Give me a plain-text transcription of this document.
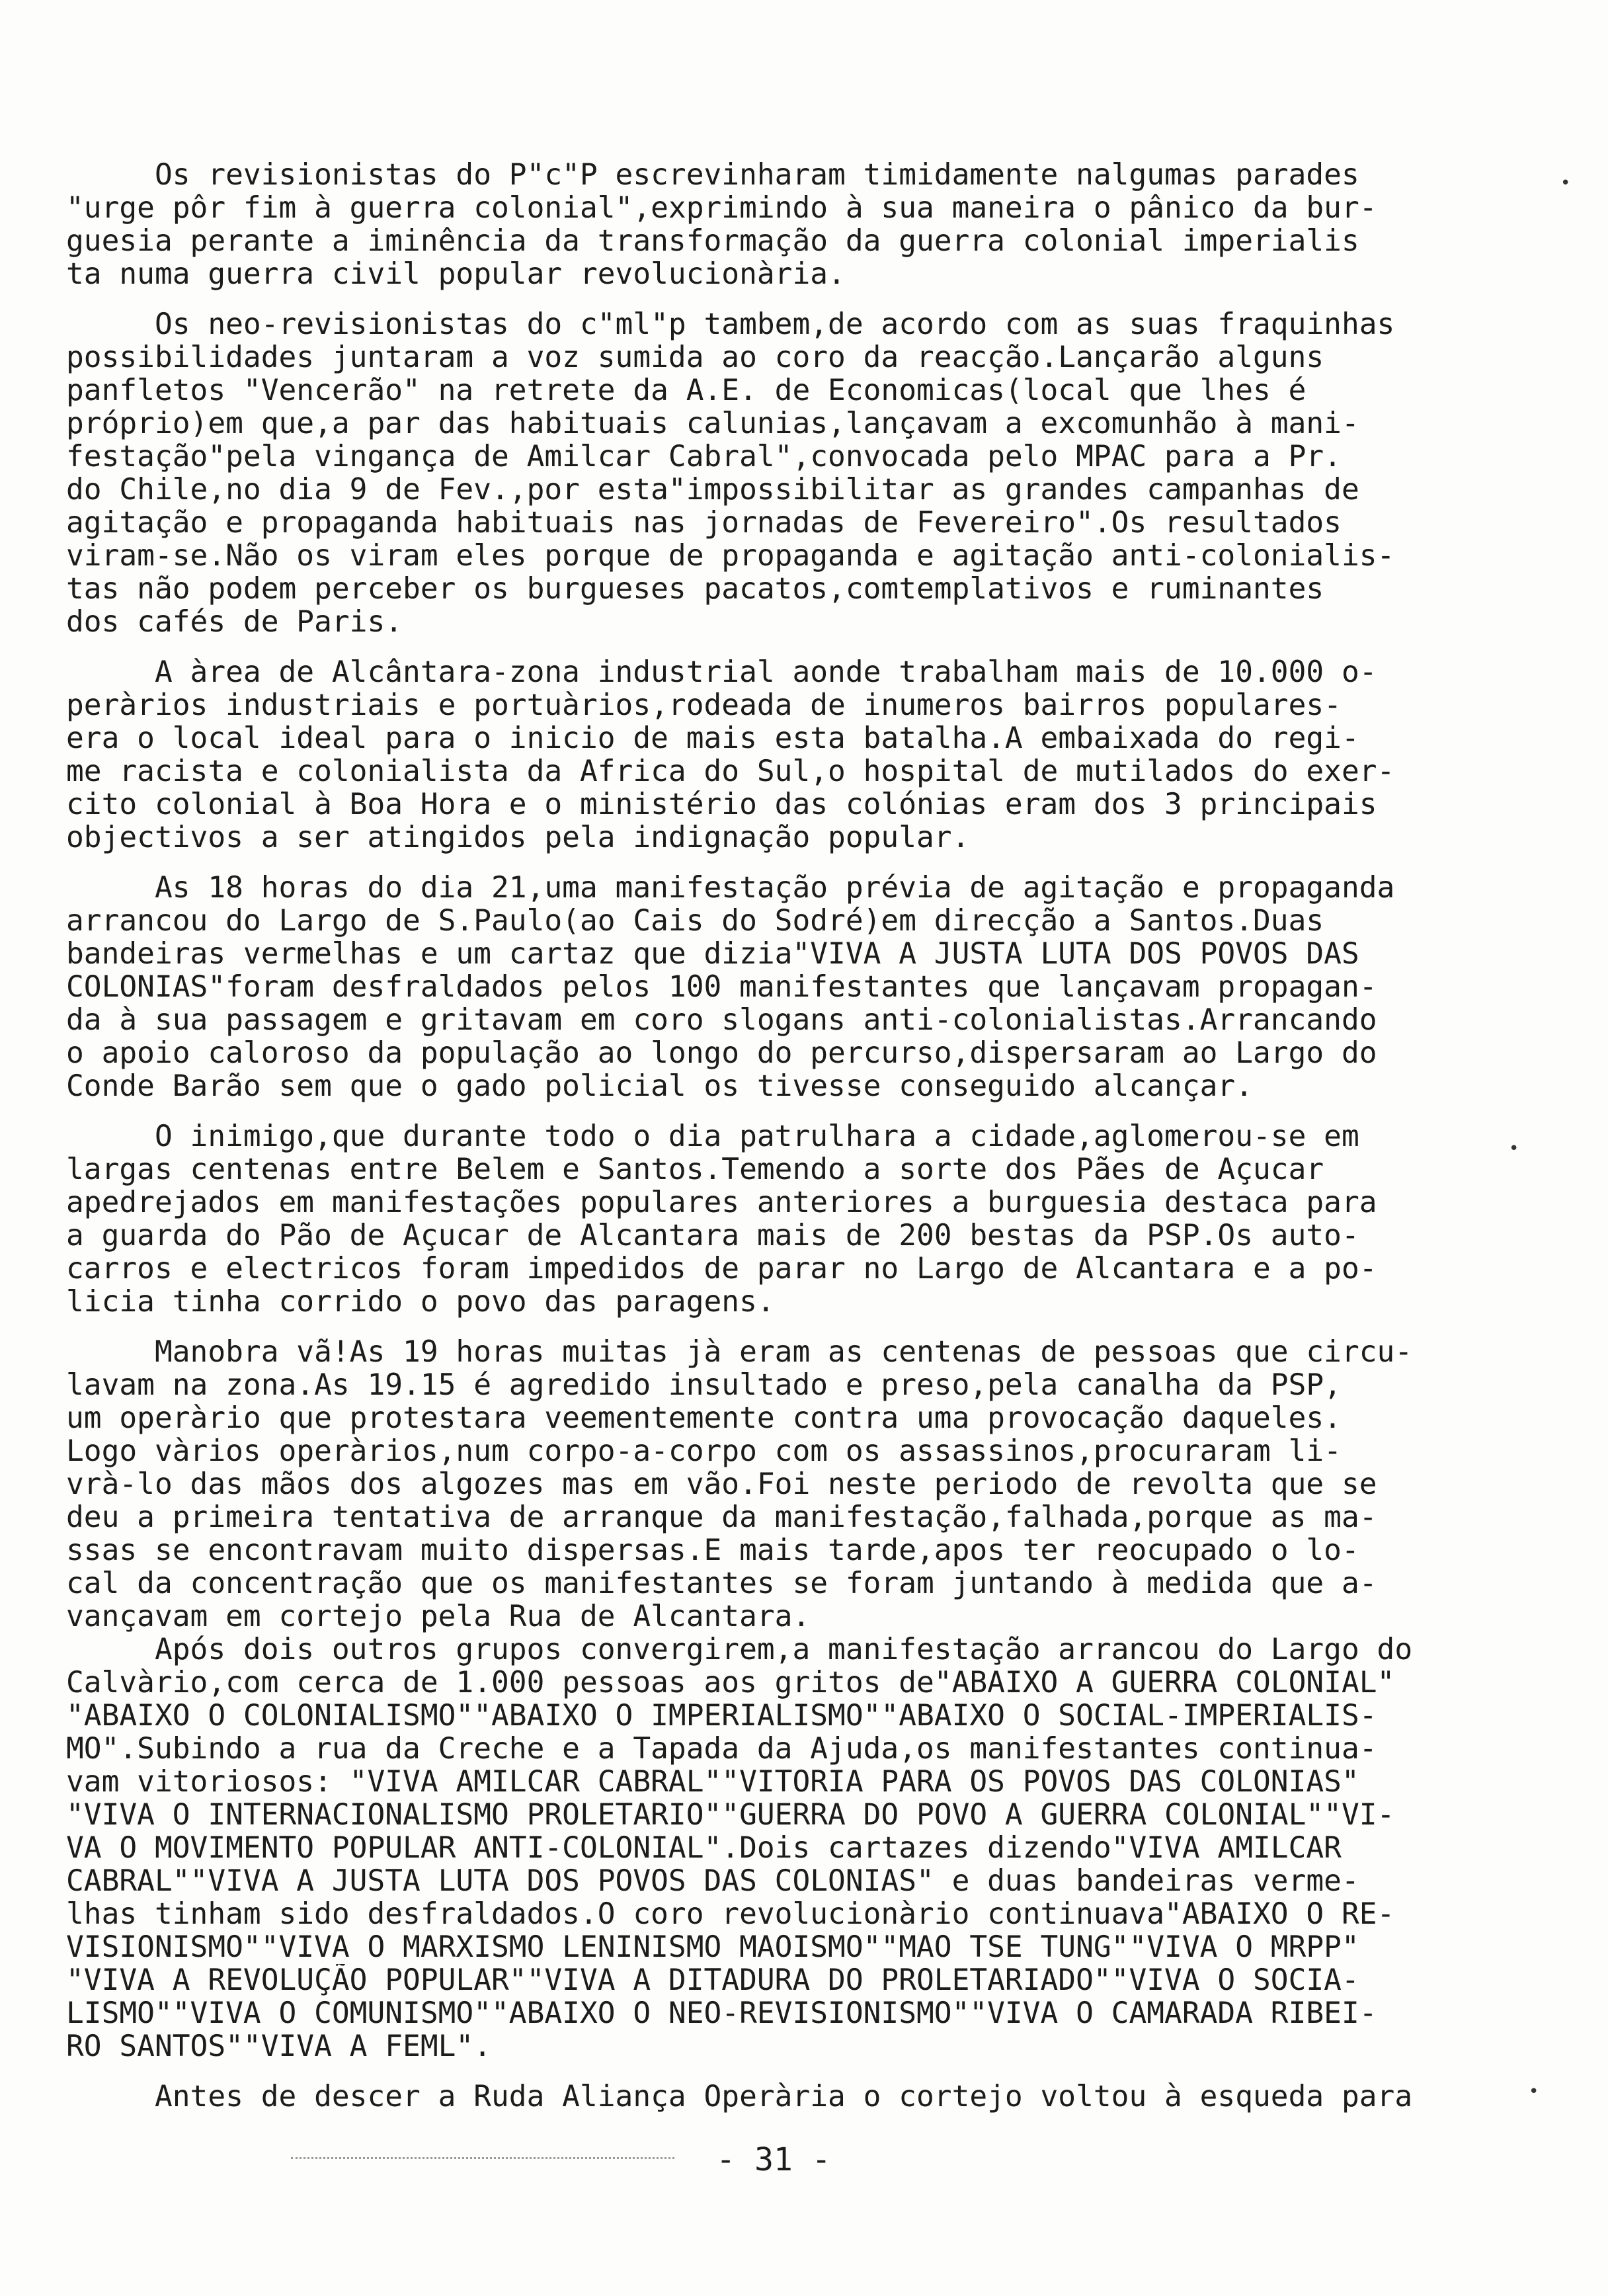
Os revisionistas do P"c"P escrevinharam timidamente nalgumas parades
"urge pôr fim à guerra colonial",exprimindo à sua maneira o pânico da bur-
guesia perante a iminência da transformação da guerra colonial imperialis
ta numa guerra civil popular revolucionària.
Os neo-revisionistas do c"ml"p tambem,de acordo com as suas fraquinhas
possibilidades juntaram a voz sumida ao coro da reacção.Lançarão alguns
panfletos "Vencerão" na retrete da A.E. de Economicas(local que lhes é
próprio)em que,a par das habituais calunias,lançavam a excomunhão à mani-
festação"pela vingança de Amilcar Cabral",convocada pelo MPAC para a Pr.
do Chile,no dia 9 de Fev.,por esta"impossibilitar as grandes campanhas de
agitação e propaganda habituais nas jornadas de Fevereiro".Os resultados
viram-se.Não os viram eles porque de propaganda e agitação anti-colonialis-
tas não podem perceber os burgueses pacatos,comtemplativos e ruminantes
dos cafés de Paris.
A àrea de Alcântara-zona industrial aonde trabalham mais de 10.000 o-
peràrios industriais e portuàrios,rodeada de inumeros bairros populares-
era o local ideal para o inicio de mais esta batalha.A embaixada do regi-
me racista e colonialista da Africa do Sul,o hospital de mutilados do exer-
cito colonial à Boa Hora e o ministério das colónias eram dos 3 principais
objectivos a ser atingidos pela indignação popular.
As 18 horas do dia 21,uma manifestação prévia de agitação e propaganda
arrancou do Largo de S.Paulo(ao Cais do Sodré)em direcção a Santos.Duas
bandeiras vermelhas e um cartaz que dizia"VIVA A JUSTA LUTA DOS POVOS DAS
COLONIAS"foram desfraldados pelos 100 manifestantes que lançavam propagan-
da à sua passagem e gritavam em coro slogans anti-colonialistas.Arrancando
o apoio caloroso da população ao longo do percurso,dispersaram ao Largo do
Conde Barão sem que o gado policial os tivesse conseguido alcançar.
O inimigo,que durante todo o dia patrulhara a cidade,aglomerou-se em
largas centenas entre Belem e Santos.Temendo a sorte dos Pães de Açucar
apedrejados em manifestações populares anteriores a burguesia destaca para
a guarda do Pão de Açucar de Alcantara mais de 200 bestas da PSP.Os auto-
carros e electricos foram impedidos de parar no Largo de Alcantara e a po-
licia tinha corrido o povo das paragens.
Manobra vã!As 19 horas muitas jà eram as centenas de pessoas que circu-
lavam na zona.As 19.15 é agredido insultado e preso,pela canalha da PSP,
um operàrio que protestara veementemente contra uma provocação daqueles.
Logo vàrios operàrios,num corpo-a-corpo com os assassinos,procuraram li-
vrà-lo das mãos dos algozes mas em vão.Foi neste periodo de revolta que se
deu a primeira tentativa de arranque da manifestação,falhada,porque as ma-
ssas se encontravam muito dispersas.E mais tarde,apos ter reocupado o lo-
cal da concentração que os manifestantes se foram juntando à medida que a-
vançavam em cortejo pela Rua de Alcantara.
Após dois outros grupos convergirem,a manifestação arrancou do Largo do
Calvàrio,com cerca de 1.000 pessoas aos gritos de"ABAIXO A GUERRA COLONIAL"
"ABAIXO O COLONIALISMO""ABAIXO O IMPERIALISMO""ABAIXO O SOCIAL-IMPERIALIS-
MO".Subindo a rua da Creche e a Tapada da Ajuda,os manifestantes continua-
vam vitoriosos: "VIVA AMILCAR CABRAL""VITORIA PARA OS POVOS DAS COLONIAS"
"VIVA O INTERNACIONALISMO PROLETARIO""GUERRA DO POVO A GUERRA COLONIAL""VI-
VA O MOVIMENTO POPULAR ANTI-COLONIAL".Dois cartazes dizendo"VIVA AMILCAR
CABRAL""VIVA A JUSTA LUTA DOS POVOS DAS COLONIAS" e duas bandeiras verme-
lhas tinham sido desfraldados.O coro revolucionàrio continuava"ABAIXO O RE-
VISIONISMO""VIVA O MARXISMO LENINISMO MAOISMO""MAO TSE TUNG""VIVA O MRPP"
"VIVA A REVOLUÇÃO POPULAR""VIVA A DITADURA DO PROLETARIADO""VIVA O SOCIA-
LISMO""VIVA O COMUNISMO""ABAIXO O NEO-REVISIONISMO""VIVA O CAMARADA RIBEI-
RO SANTOS""VIVA A FEML".
Antes de descer a Ruda Aliança Operària o cortejo voltou à esqueda para
- 31 -
•
•
•
